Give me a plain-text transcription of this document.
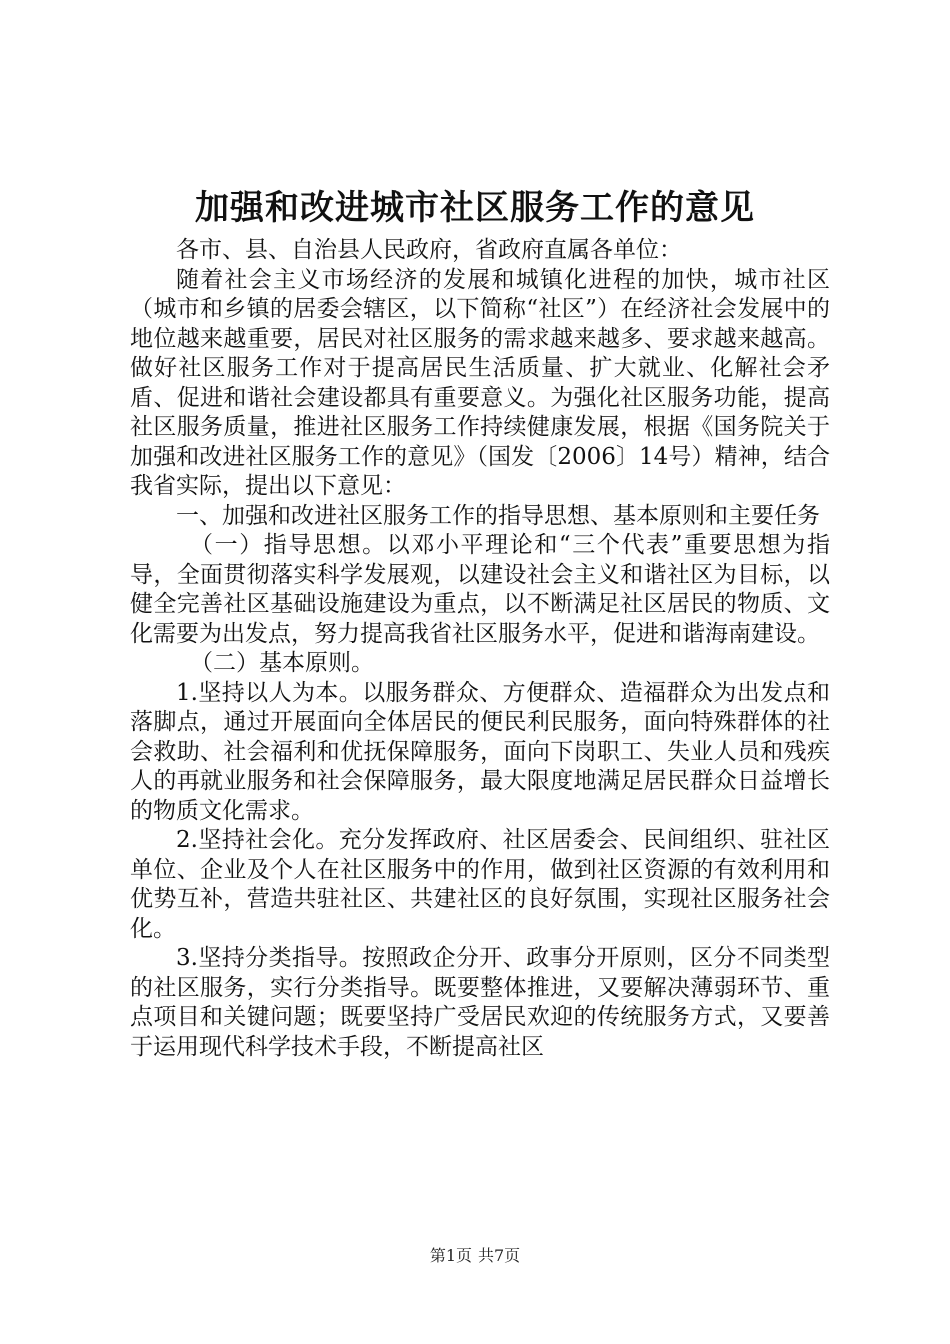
加强和改进城市社区服务工作的意见

各市、县、自治县人民政府，省政府直属各单位：

随着社会主义市场经济的发展和城镇化进程的加快，城市社区（城市和乡镇的居委会辖区，以下简称“社区”）在经济社会发展中的地位越来越重要，居民对社区服务的需求越来越多、要求越来越高。做好社区服务工作对于提高居民生活质量、扩大就业、化解社会矛盾、促进和谐社会建设都具有重要意义。为强化社区服务功能，提高社区服务质量，推进社区服务工作持续健康发展，根据《国务院关于加强和改进社区服务工作的意见》（国发〔2006〕14号）精神，结合我省实际，提出以下意见：

一、加强和改进社区服务工作的指导思想、基本原则和主要任务

（一）指导思想。以邓小平理论和“三个代表”重要思想为指导，全面贯彻落实科学发展观，以建设社会主义和谐社区为目标，以健全完善社区基础设施建设为重点，以不断满足社区居民的物质、文化需要为出发点，努力提高我省社区服务水平，促进和谐海南建设。

（二）基本原则。

1.坚持以人为本。以服务群众、方便群众、造福群众为出发点和落脚点，通过开展面向全体居民的便民利民服务，面向特殊群体的社会救助、社会福利和优抚保障服务，面向下岗职工、失业人员和残疾人的再就业服务和社会保障服务，最大限度地满足居民群众日益增长的物质文化需求。

2.坚持社会化。充分发挥政府、社区居委会、民间组织、驻社区单位、企业及个人在社区服务中的作用，做到社区资源的有效利用和优势互补，营造共驻社区、共建社区的良好氛围，实现社区服务社会化。

3.坚持分类指导。按照政企分开、政事分开原则，区分不同类型的社区服务，实行分类指导。既要整体推进，又要解决薄弱环节、重点项目和关键问题；既要坚持广受居民欢迎的传统服务方式，又要善于运用现代科学技术手段，不断提高社区

第1页 共7页
